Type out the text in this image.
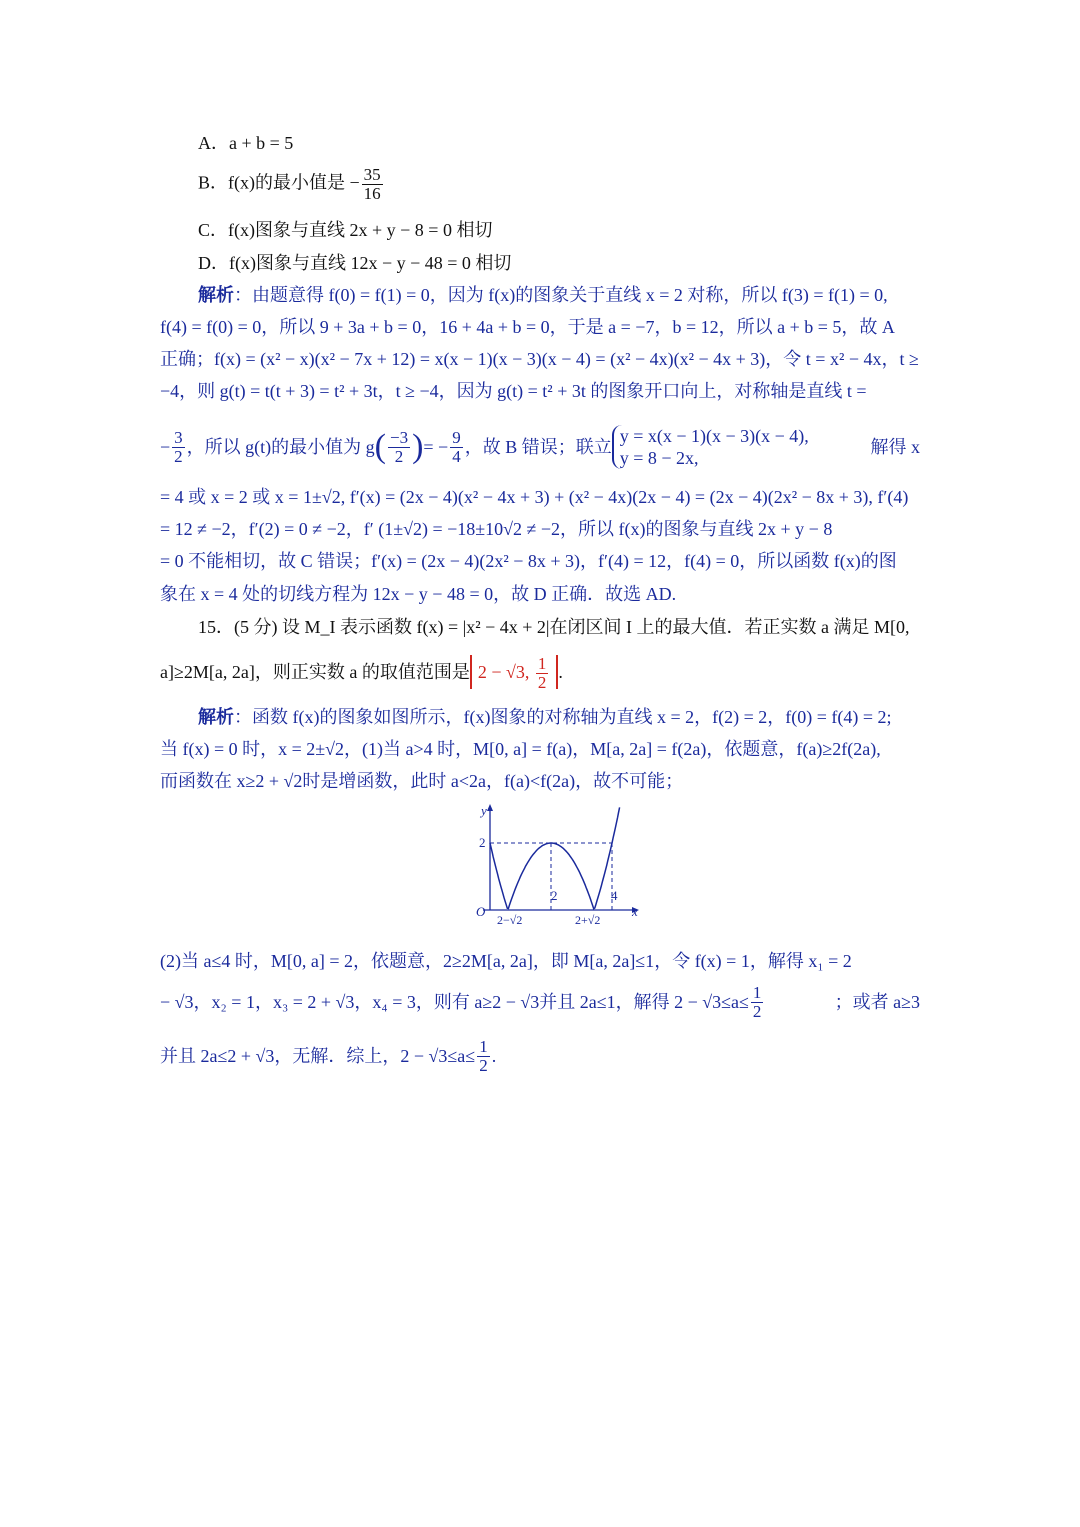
A．a + b = 5
B．f(x)的最小值是 − $\frac{35}{16}$
C．f(x)图象与直线 2x + y − 8 = 0 相切
D．f(x)图象与直线 12x − y − 48 = 0 相切
解析：由题意得 f(0) = f(1) = 0，因为 f(x)的图象关于直线 x = 2 对称，所以 f(3) = f(1) = 0,
f(4) = f(0) = 0，所以 9 + 3a + b = 0，16 + 4a + b = 0，于是 a = −7，b = 12，所以 a + b = 5，故 A
正确；f(x) = (x² − x)(x² − 7x + 12) = x(x − 1)(x − 3)(x − 4) = (x² − 4x)(x² − 4x + 3)，令 t = x² − 4x，t ≥
−4，则 g(t) = t(t + 3) = t² + 3t，t ≥ −4，因为 g(t) = t² + 3t 的图象开口向上，对称轴是直线 t =
− $\frac{3}{2}$ ，所以 g(t)的最小值为 g ( $\frac{-3}{2}$ ) = − $\frac{9}{4}$ ，故 B 错误；联立
y = x(x − 1)(x − 3)(x − 4),
y = 8 − 2x,
解得 x
= 4 或 x = 2 或 x = 1±√2, f′(x) = (2x − 4)(x² − 4x + 3) + (x² − 4x)(2x − 4) = (2x − 4)(2x² − 8x + 3), f′(4)
= 12 ≠ −2，f′(2) = 0 ≠ −2，f′ (1±√2) = −18±10√2 ≠ −2，所以 f(x)的图象与直线 2x + y − 8
= 0 不能相切，故 C 错误；f′(x) = (2x − 4)(2x² − 8x + 3)，f′(4) = 12，f(4) = 0，所以函数 f(x)的图
象在 x = 4 处的切线方程为 12x − y − 48 = 0，故 D 正确．故选 AD.
15．(5 分) 设 M_I 表示函数 f(x) = |x² − 4x + 2|在闭区间 I 上的最大值．若正实数 a 满足 M[0,
a]≥2M[a, 2a]，则正实数 a 的取值范围是 2 − √3, $\frac{1}{2}$ .
解析：函数 f(x)的图象如图所示，f(x)图象的对称轴为直线 x = 2，f(2) = 2，f(0) = f(4) = 2;
当 f(x) = 0 时，x = 2±√2，(1)当 a>4 时，M[0, a] = f(a)，M[a, 2a] = f(2a)，依题意，f(a)≥2f(2a),
而函数在 x≥2 + √2时是增函数，此时 a<2a，f(a)<f(2a)，故不可能；
y
x
O
2
2	4
2−√2	2+√2
(2)当 a≤4 时，M[0, a] = 2，依题意，2≥2M[a, 2a]，即 M[a, 2a]≤1，令 f(x) = 1，解得 x₁ = 2
− √3，x₂ = 1，x₃ = 2 + √3，x₄ = 3，则有 a≥2 − √3并且 2a≤1，解得 $2 - √3\le a\le \frac{1}{2}$	；或者 a≥3
并且 2a≤2 + √3，无解．综上，$2 - √3\le a\le \frac{1}{2}$ .
